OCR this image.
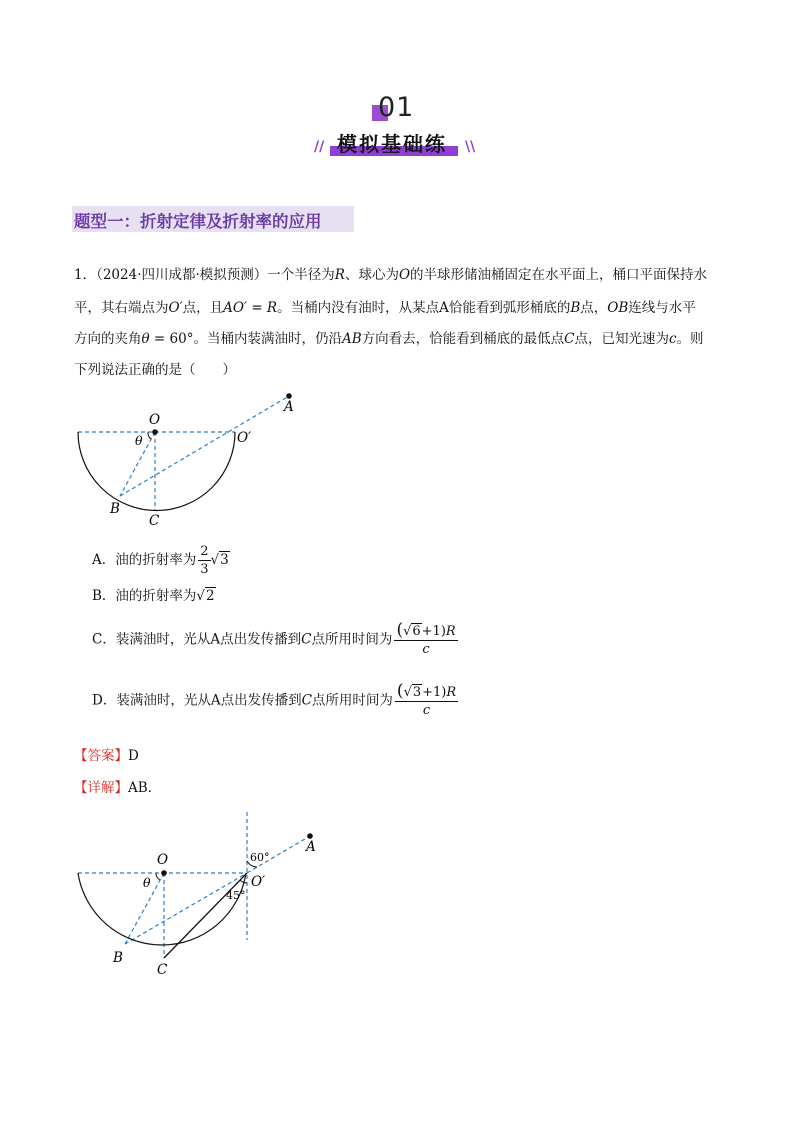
01
模拟基础练
//	\\
题型一：折射定律及折射率的应用
1．（2024·四川成都·模拟预测）一个半径为R、球心为O的半球形储油桶固定在水平面上，桶口平面保持水
平，其右端点为O′点，且AO′ = R。当桶内没有油时，从某点A恰能看到弧形桶底的B点，OB连线与水平
方向的夹角θ = 60°。当桶内装满油时，仍沿AB方向看去，恰能看到桶底的最低点C点，已知光速为c。则
下列说法正确的是（　　）
O
O′
A
B
C
θ
A．油的折射率为 $\frac{2}{3} √3$
B．油的折射率为√2
C．装满油时，光从A点出发传播到C点所用时间为 $\frac{(√6+1)R}{c}$
D．装满油时，光从A点出发传播到C点所用时间为 $\frac{(√3+1)R}{c}$
【答案】D
【详解】AB．
O
O′
A
B
C
θ
60°
45°
